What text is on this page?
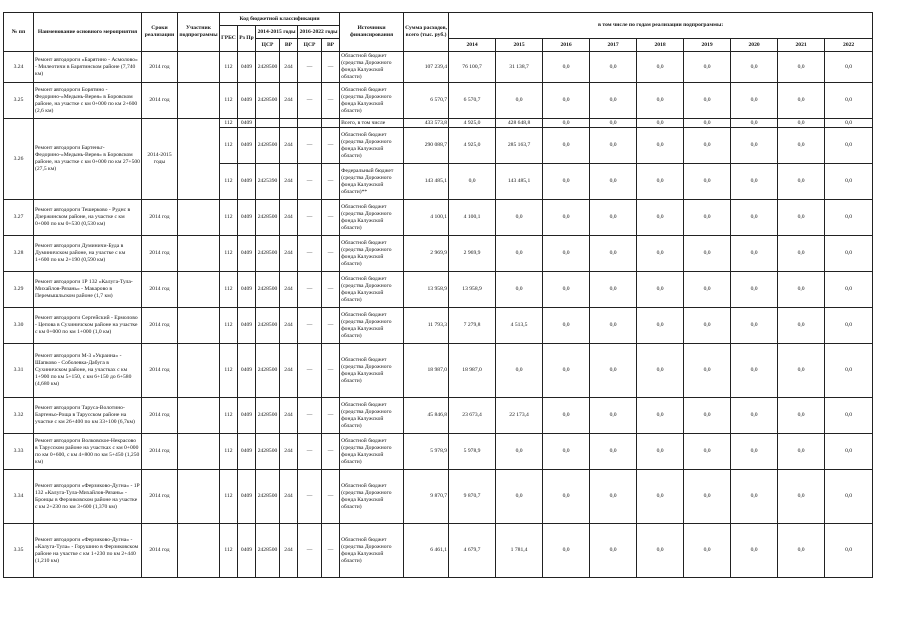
№ пп	Наименование основного мероприятия	Сроки реализации	Участник подпрограммы	Код бюджетной классификации						Источники финансирования	Сумма расходов, всего (тыс. руб.)	в том числе по годам реализации подпрограммы:								
				ГРБС	Рз Пр	2014-2015 годы		2016-2022 годы												
						ЦСР	ВР	ЦСР	ВР			2014	2015	2016	2017	2018	2019	2020	2021	2022
3.24	Ремонт автодороги «Барятино - Асмолово» - Милеотичи в Барятинском районе (7,740 км)	2014 год		112	0409	2428500	244	—	—	Областной бюджет (средства Дорожного фонда Калужской области)	107 239,4	76 100,7	31 138,7	0,0	0,0	0,0	0,0	0,0	0,0	0,0
3.25	Ремонт автодороги Борятино - Федорино-«Медынь-Верея» в Боровском районе, на участке с км 0+000 по км 2+600 (2,6 км)	2014 год		112	0409	2428500	244	—	—	Областной бюджет (средства Дорожного фонда Калужской области)	6 570,7	6 570,7	0,0	0,0	0,0	0,0	0,0	0,0	0,0	0,0
3.26	Ремонт автодороги Бартеньг-Федорино-«Медынь-Верея» в Боровском районе, на участке с км 0+000 по км 27+500 (27,5 км)	2014-2015 годы		112	0409					Всего, в том числе	433 573,8	4 925,0	428 648,8	0,0	0,0	0,0	0,0	0,0	0,0	0,0
				112	0409	2428500	244	—	—	Областной бюджет (средства Дорожного фонда Калужской области)	290 088,7	4 925,0	285 163,7	0,0	0,0	0,0	0,0	0,0	0,0	0,0
				112	0409	2425390	244	—	—	Федеральный бюджет (средства Дорожного фонда Калужской области)**	143 485,1	0,0	143 485,1	0,0	0,0	0,0	0,0	0,0	0,0	0,0
3.27	Ремонт автодороги Тешерково - Руднс в Дзержинском районе, на участке с км 0+000 по км 0+530 (0,530 км)	2014 год		112	0409	2428500	244	—	—	Областной бюджет (средства Дорожного фонда Калужской области)	4 100,1	4 100,1	0,0	0,0	0,0	0,0	0,0	0,0	0,0	0,0
3.28	Ремонт автодороги Думиничи-Буда в Думиничском районе, на участке с км 1+600 по км 2+190 (0,590 км)	2014 год		112	0409	2428500	244	—	—	Областной бюджет (средства Дорожного фонда Калужской области)	2 969,9	2 969,9	0,0	0,0	0,0	0,0	0,0	0,0	0,0	0,0
3.29	Ремонт автодороги 1Р 132 «Калуга-Тула-Михайлов-Рязань» - Макарово в Перемышльском районе (1,7 км)	2014 год		112	0409	2428500	244	—	—	Областной бюджет (средства Дорожного фонда Калужской области)	13 958,9	13 958,9	0,0	0,0	0,0	0,0	0,0	0,0	0,0	0,0
3.30	Ремонт автодороги Сергейский - Ермолово - Цепова в Сухиничском районе на участке с км 0+000 по км 1+000 (1,0 км)	2014 год		112	0409	2428500	244	—	—	Областной бюджет (средства Дорожного фонда Калужской области)	11 793,3	7 279,8	4 513,5	0,0	0,0	0,0	0,0	0,0	0,0	0,0
3.31	Ремонт автодороги М-3 «Украина» - Шапково - Соболевка-Дабуга в Сухиничском районе, на участках с км 1+900 по км 5+150, с км 6+150 до 6+580 (4,680 км)	2014 год		112	0409	2428500	244	—	—	Областной бюджет (средства Дорожного фонда Калужской области)	18 987,0	18 987,0	0,0	0,0	0,0	0,0	0,0	0,0	0,0	0,0
3.32	Ремонт автодороги Таруса-Волотино-Бартеньо-Роща в Тарусском районе на участке с км 26+400 по км 33+100 (6,7км)	2014 год		112	0409	2428500	244	—	—	Областной бюджет (средства Дорожного фонда Калужской области)	45 846,8	23 673,4	22 173,4	0,0	0,0	0,0	0,0	0,0	0,0	0,0
3.33	Ремонт автодороги Волковское-Некрасово в Тарусском районе на участках с км 0+000 по км 0+600, с км 4+800 по км 5+450 (1,250 км)	2014 год		112	0409	2428500	244	—	—	Областной бюджет (средства Дорожного фонда Калужской области)	5 978,9	5 978,9	0,0	0,0	0,0	0,0	0,0	0,0	0,0	0,0
3.34	Ремонт автодороги «Ферзиково-Дугна» - 1Р 132 «Калуга-Тула-Михайлов-Рязань» - Бронцы в Ферзиковском районе на участке с км 2+230 по км 3+600 (1,370 км)	2014 год		112	0409	2428500	244	—	—	Областной бюджет (средства Дорожного фонда Калужской области)	9 870,7	9 870,7	0,0	0,0	0,0	0,0	0,0	0,0	0,0	0,0
3.35	Ремонт автодороги «Ферзиково-Дугна» - «Калуга-Тула» - Горушино в Ферзиковском районе на участке с км 1+230 по км 2+440 (1,210 км)	2014 год		112	0409	2428500	244	—	—	Областной бюджет (средства Дорожного фонда Калужской области)	6 461,1	4 679,7	1 781,4	0,0	0,0	0,0	0,0	0,0	0,0	0,0
